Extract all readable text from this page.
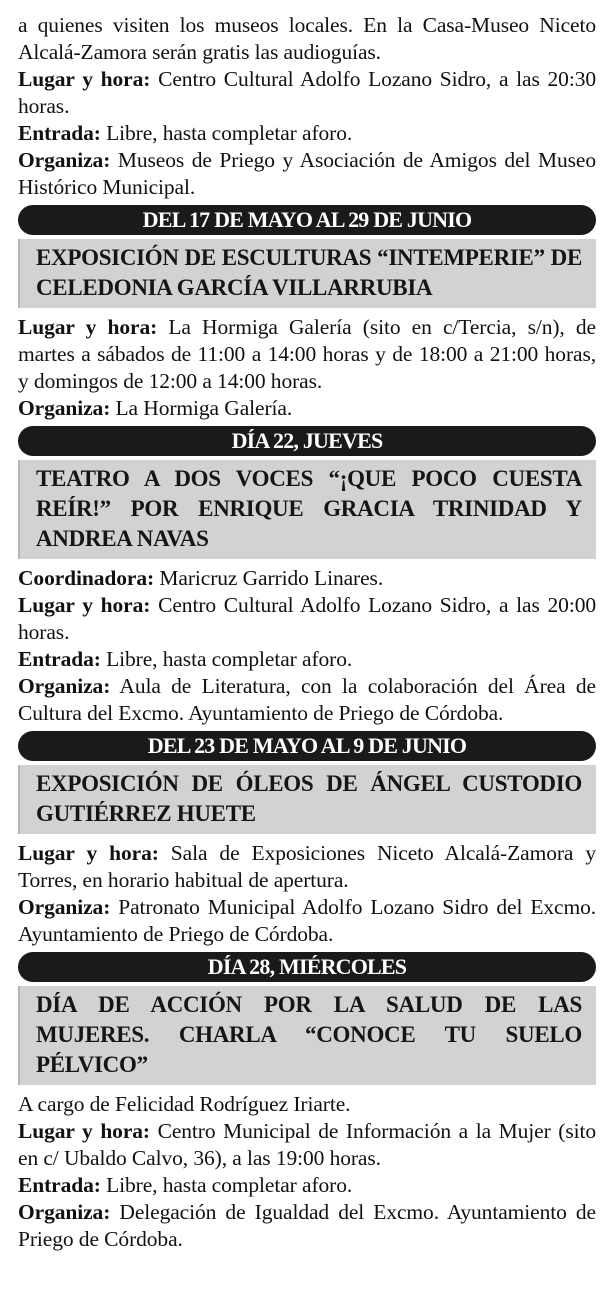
a quienes visiten los museos locales. En la Casa-Museo Niceto Alcalá-Zamora serán gratis las audioguías.

Lugar y hora: Centro Cultural Adolfo Lozano Sidro, a las 20:30 horas.

Entrada: Libre, hasta completar aforo.

Organiza: Museos de Priego y Asociación de Amigos del Museo Histórico Municipal.

DEL 17 DE MAYO AL 29 DE JUNIO
EXPOSICIÓN DE ESCULTURAS “INTEMPERIE” DE CELEDONIA GARCÍA VILLARRUBIA

Lugar y hora: La Hormiga Galería (sito en c/Tercia, s/n), de martes a sábados de 11:00 a 14:00 horas y de 18:00 a 21:00 horas, y domingos de 12:00 a 14:00 horas.

Organiza: La Hormiga Galería.

DÍA 22, JUEVES
TEATRO A DOS VOCES “¡QUE POCO CUESTA REÍR!” POR ENRIQUE GRACIA TRINIDAD Y ANDREA NAVAS

Coordinadora: Maricruz Garrido Linares.

Lugar y hora: Centro Cultural Adolfo Lozano Sidro, a las 20:00 horas.

Entrada: Libre, hasta completar aforo.

Organiza: Aula de Literatura, con la colaboración del Área de Cultura del Excmo. Ayuntamiento de Priego de Córdoba.

DEL 23 DE MAYO AL 9 DE JUNIO
EXPOSICIÓN DE ÓLEOS DE ÁNGEL CUSTODIO GUTIÉRREZ HUETE

Lugar y hora: Sala de Exposiciones Niceto Alcalá-Zamora y Torres, en horario habitual de apertura.

Organiza: Patronato Municipal Adolfo Lozano Sidro del Excmo. Ayuntamiento de Priego de Córdoba.

DÍA 28, MIÉRCOLES
DÍA DE ACCIÓN POR LA SALUD DE LAS MUJERES. CHARLA “CONOCE TU SUELO PÉLVICO”

A cargo de Felicidad Rodríguez Iriarte.

Lugar y hora: Centro Municipal de Información a la Mujer (sito en c/ Ubaldo Calvo, 36), a las 19:00 horas.

Entrada: Libre, hasta completar aforo.

Organiza: Delegación de Igualdad del Excmo. Ayuntamiento de Priego de Córdoba.
